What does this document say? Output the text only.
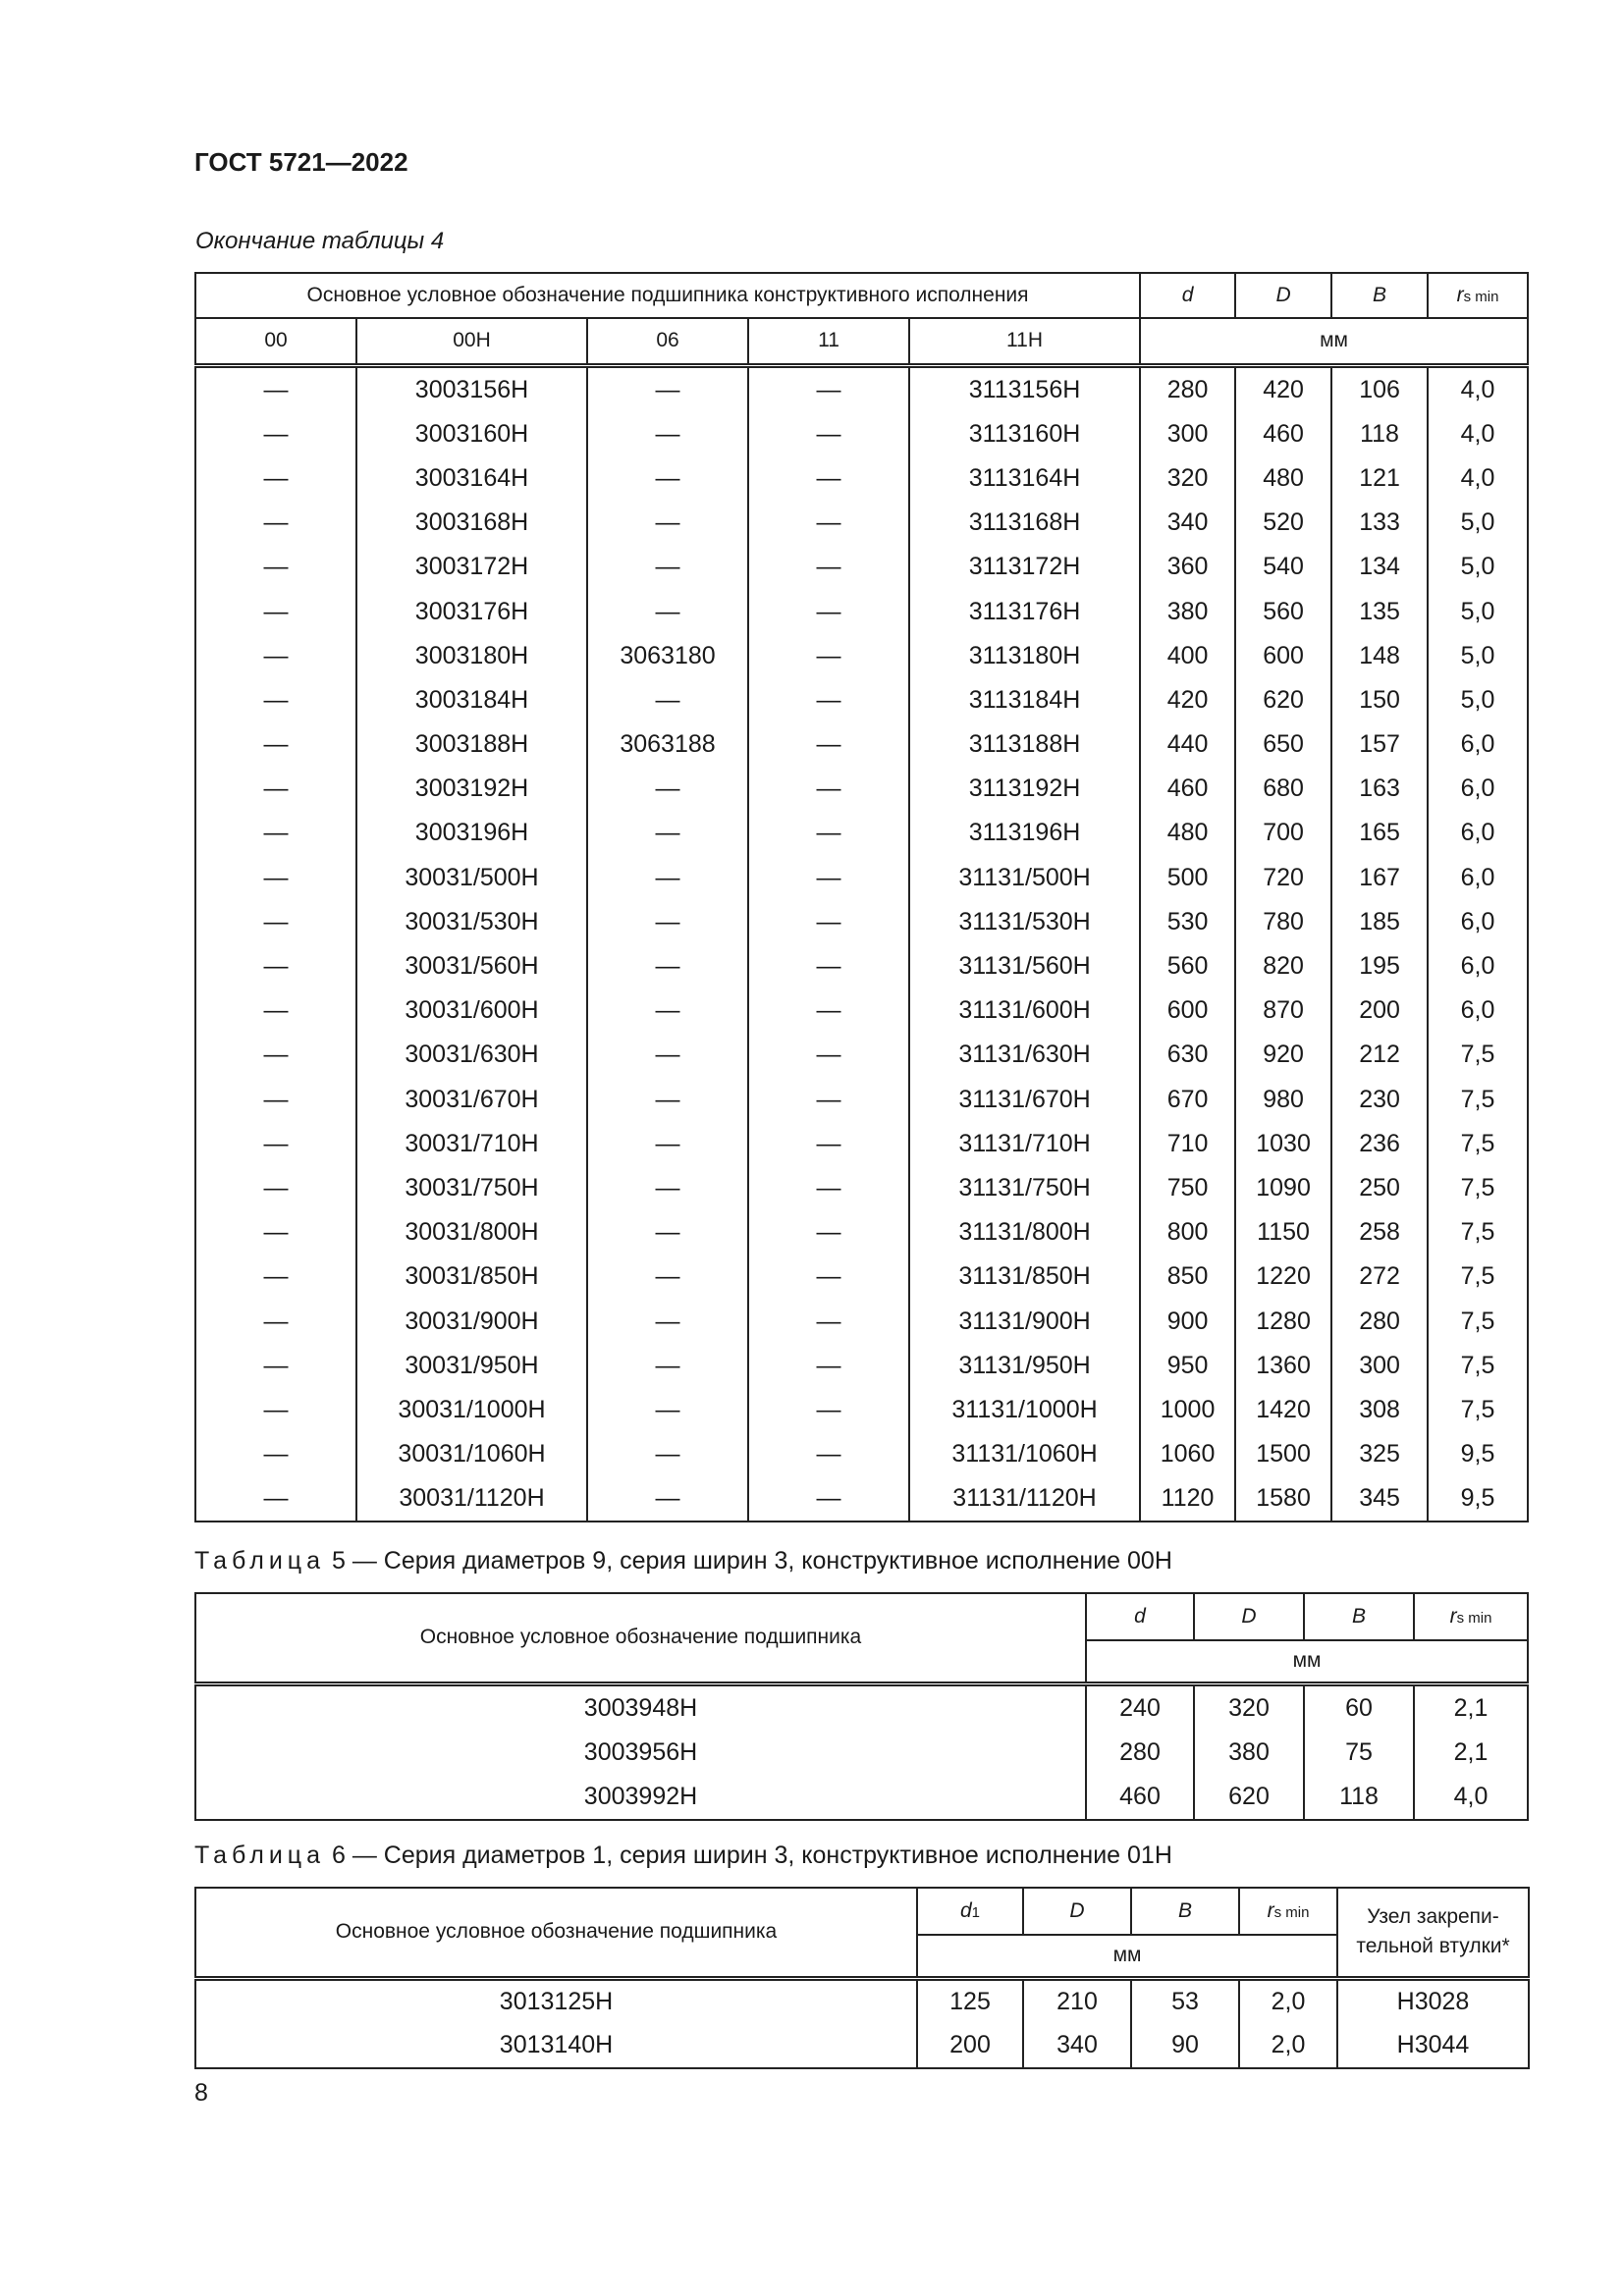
ГОСТ 5721—2022
Окончание таблицы 4
Основное условное обозначение подшипника конструктивного исполнения					d	D	B	rs min
00	00H	06	11	11H	мм			
—	3003156H	—	—	3113156H	280	420	106	4,0
—	3003160H	—	—	3113160H	300	460	118	4,0
—	3003164H	—	—	3113164H	320	480	121	4,0
—	3003168H	—	—	3113168H	340	520	133	5,0
—	3003172H	—	—	3113172H	360	540	134	5,0
—	3003176H	—	—	3113176H	380	560	135	5,0
—	3003180H	3063180	—	3113180H	400	600	148	5,0
—	3003184H	—	—	3113184H	420	620	150	5,0
—	3003188H	3063188	—	3113188H	440	650	157	6,0
—	3003192H	—	—	3113192H	460	680	163	6,0
—	3003196H	—	—	3113196H	480	700	165	6,0
—	30031/500H	—	—	31131/500H	500	720	167	6,0
—	30031/530H	—	—	31131/530H	530	780	185	6,0
—	30031/560H	—	—	31131/560H	560	820	195	6,0
—	30031/600H	—	—	31131/600H	600	870	200	6,0
—	30031/630H	—	—	31131/630H	630	920	212	7,5
—	30031/670H	—	—	31131/670H	670	980	230	7,5
—	30031/710H	—	—	31131/710H	710	1030	236	7,5
—	30031/750H	—	—	31131/750H	750	1090	250	7,5
—	30031/800H	—	—	31131/800H	800	1150	258	7,5
—	30031/850H	—	—	31131/850H	850	1220	272	7,5
—	30031/900H	—	—	31131/900H	900	1280	280	7,5
—	30031/950H	—	—	31131/950H	950	1360	300	7,5
—	30031/1000H	—	—	31131/1000H	1000	1420	308	7,5
—	30031/1060H	—	—	31131/1060H	1060	1500	325	9,5
—	30031/1120H	—	—	31131/1120H	1120	1580	345	9,5
Таблица 5 — Серия диаметров 9, серия ширин 3, конструктивное исполнение 00H
Основное условное обозначение подшипника	d	D	B	rs min
	мм			
3003948H	240	320	60	2,1
3003956H	280	380	75	2,1
3003992H	460	620	118	4,0
Таблица 6 — Серия диаметров 1, серия ширин 3, конструктивное исполнение 01H
Основное условное обозначение подшипника	d1	D	B	rs min	Узел закрепи-тельной втулки*
	мм				
3013125H	125	210	53	2,0	H3028
3013140H	200	340	90	2,0	H3044
8
